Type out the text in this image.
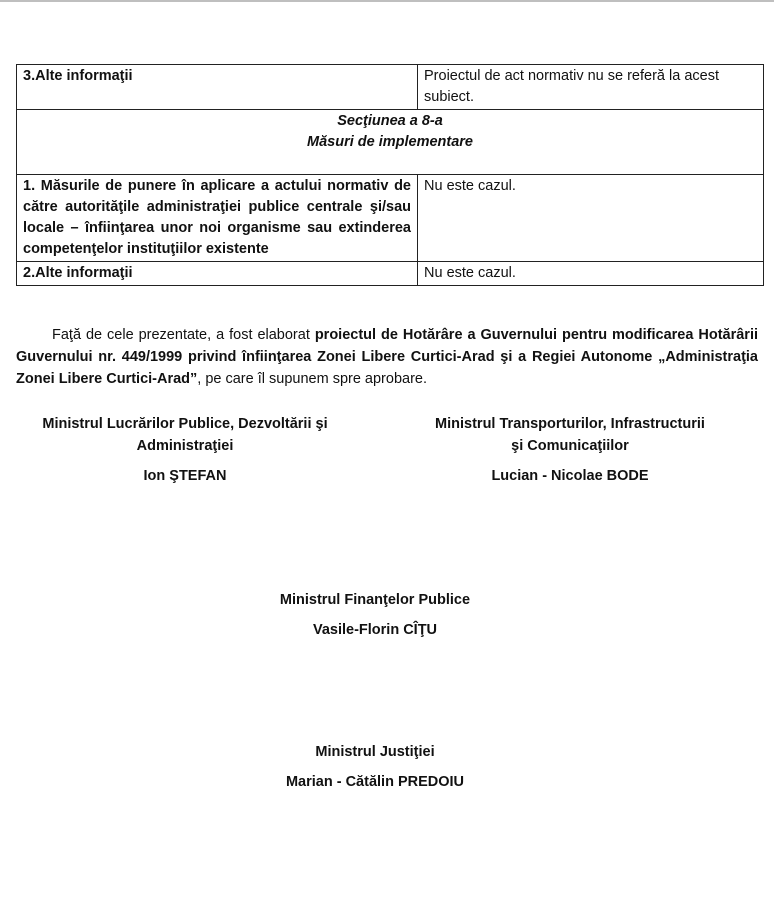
3.Alte informaţii	Proiectul de act normativ nu se referă la acest subiect.

Secţiunea a 8-a
Măsuri de implementare	

1. Măsurile de punere în aplicare a actului normativ de către autorităţile administraţiei publice centrale şi/sau locale – înfiinţarea unor noi organisme sau extinderea competenţelor instituţiilor existente	Nu este cazul.
2.Alte informaţii	Nu este cazul.

Faţă de cele prezentate, a fost elaborat proiectul de Hotărâre a Guvernului pentru modificarea Hotărârii Guvernului nr. 449/1999 privind înfiinţarea Zonei Libere Curtici-Arad şi a Regiei Autonome „Administraţia Zonei Libere Curtici-Arad”, pe care îl supunem spre aprobare.

Ministrul Lucrărilor Publice, Dezvoltării şi
Administraţiei
Ion ŞTEFAN
Ministrul Transporturilor, Infrastructurii
şi Comunicaţiilor
Lucian - Nicolae BODE
Ministrul Finanţelor Publice
Vasile-Florin CÎŢU
Ministrul Justiţiei
Marian - Cătălin PREDOIU
